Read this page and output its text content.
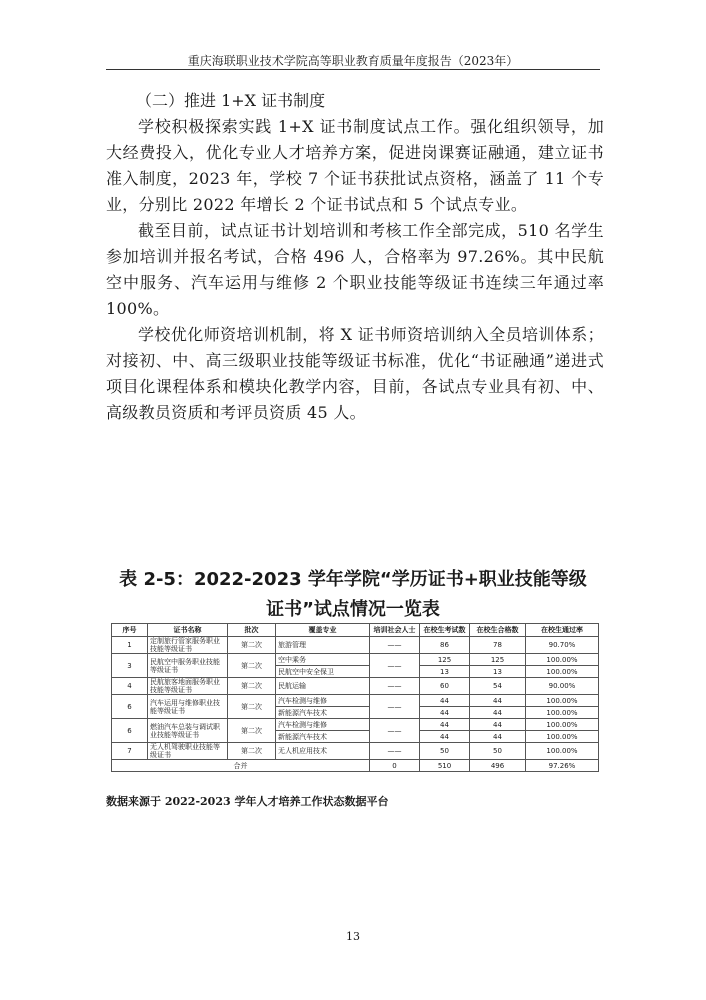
重庆海联职业技术学院高等职业教育质量年度报告（2023年）

（二）推进 1+X 证书制度

学校积极探索实践 1+X 证书制度试点工作。强化组织领导，加大经费投入，优化专业人才培养方案，促进岗课赛证融通，建立证书准入制度，2023 年，学校 7 个证书获批试点资格，涵盖了 11 个专业，分别比 2022 年增长 2 个证书试点和 5 个试点专业。

截至目前，试点证书计划培训和考核工作全部完成，510 名学生参加培训并报名考试，合格 496 人，合格率为 97.26%。其中民航空中服务、汽车运用与维修 2 个职业技能等级证书连续三年通过率 100%。

学校优化师资培训机制，将 X 证书师资培训纳入全员培训体系；对接初、中、高三级职业技能等级证书标准，优化“书证融通”递进式项目化课程体系和模块化教学内容，目前，各试点专业具有初、中、高级教员资质和考评员资质 45 人。

表 2-5：2022-2023 学年学院“学历证书+职业技能等级
证书”试点情况一览表
序号	证书名称	批次	覆盖专业	培训社会人士	在校生考试数	在校生合格数	在校生通过率
1	定制旅行管家服务职业技能等级证书	第二次	旅游管理	——	86	78	90.70%
3	民航空中服务职业技能等级证书	第二次	空中乘务	——	125	125	100.00%
			民航空中安全保卫		13	13	100.00%
4	民航旅客地面服务职业技能等级证书	第二次	民航运输	——	60	54	90.00%
6	汽车运用与维修职业技能等级证书	第二次	汽车检测与维修	——	44	44	100.00%
			新能源汽车技术		44	44	100.00%
6	燃油汽车总装与调试职业技能等级证书	第二次	汽车检测与维修	——	44	44	100.00%
			新能源汽车技术		44	44	100.00%
7	无人机驾驶职业技能等级证书	第二次	无人机应用技术	——	50	50	100.00%
合并				0	510	496	97.26%
数据来源于 2022-2023 学年人才培养工作状态数据平台
13
